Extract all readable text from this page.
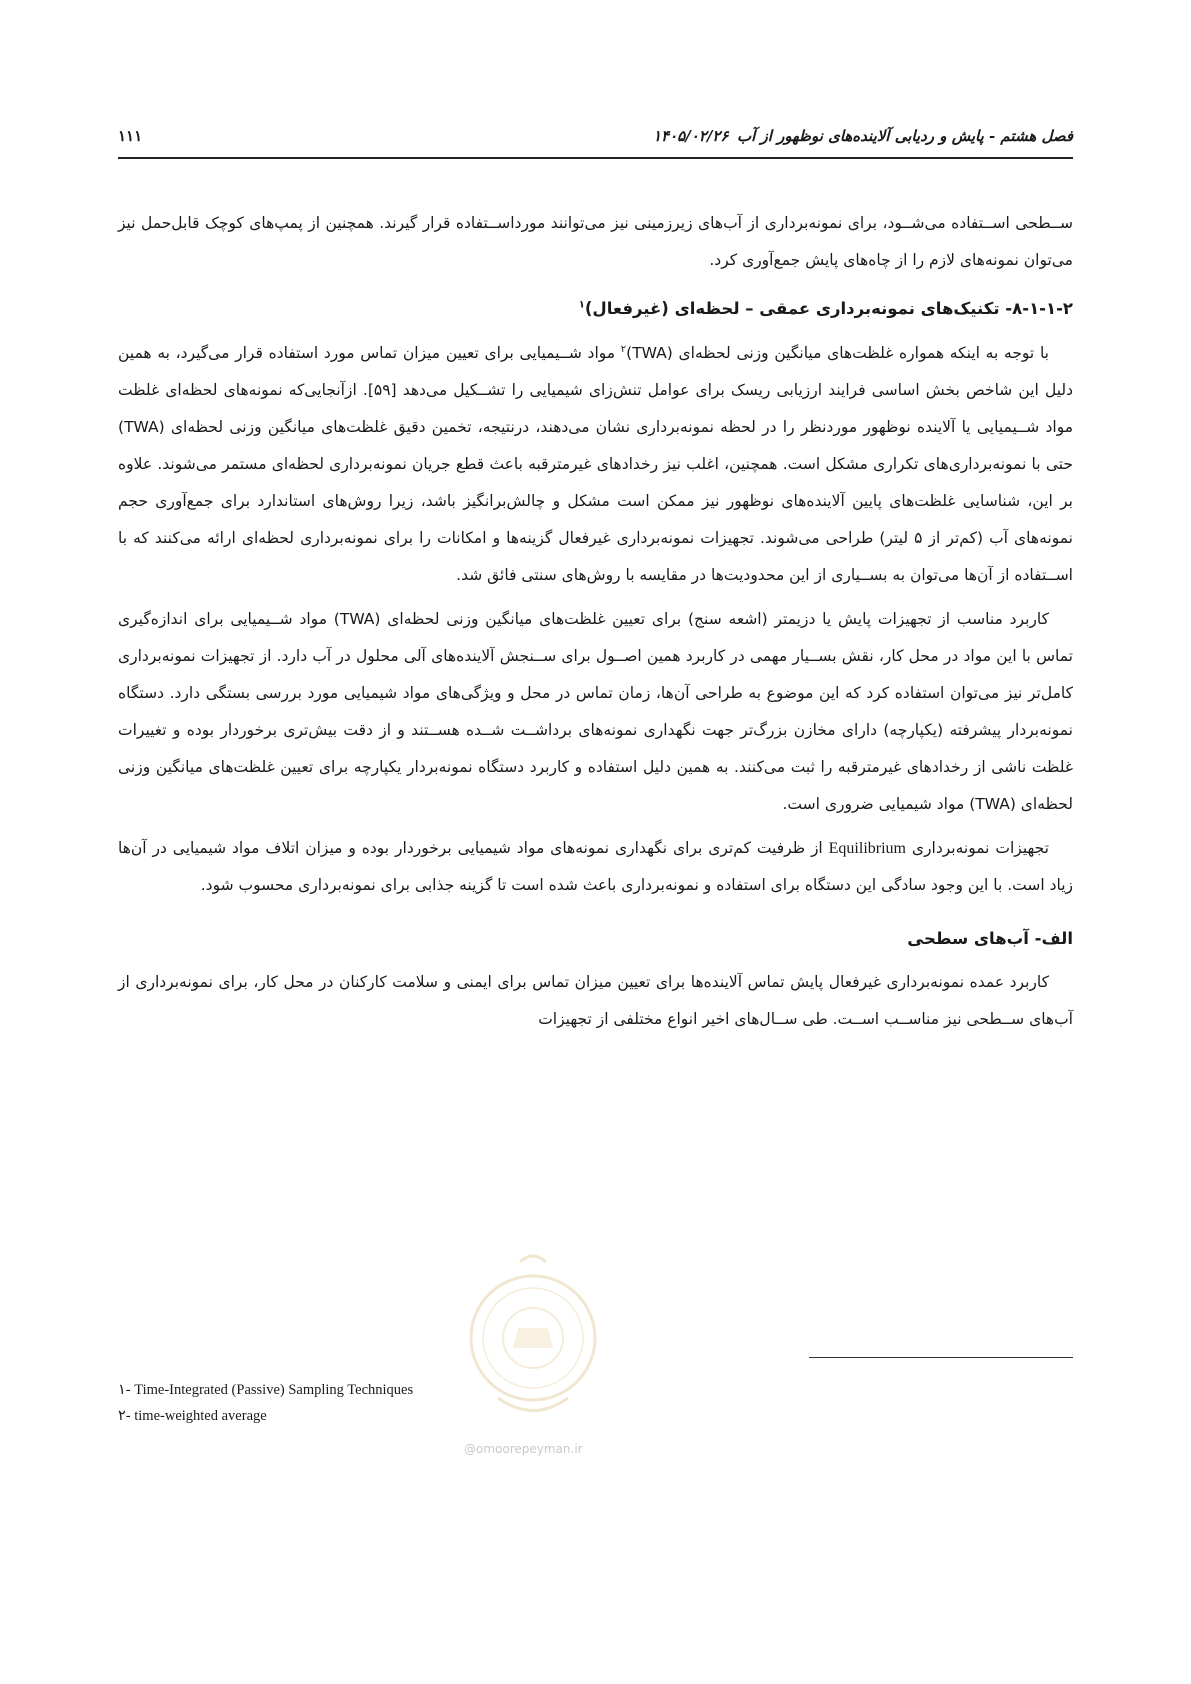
فصل هشتم - پایش و ردیابی آلاینده‌های نوظهور از آب
۱۴۰۵/۰۲/۲۶
۱۱۱

ســطحی اســتفاده می‌شــود، برای نمونه‌برداری از آب‌های زیرزمینی نیز می‌توانند مورداســتفاده قرار گیرند. همچنین از پمپ‌های کوچک قابل‌حمل نیز می‌توان نمونه‌های لازم را از چاه‌های پایش جمع‌آوری کرد.

۸-۱-۱-۲- تکنیک‌های نمونه‌برداری عمقی – لحظه‌ای (غیرفعال)$^۱$

با توجه به اینکه همواره غلظت‌های میانگین وزنی لحظه‌ای (TWA)$^۲$ مواد شــیمیایی برای تعیین میزان تماس مورد استفاده قرار می‌گیرد، به همین دلیل این شاخص بخش اساسی فرایند ارزیابی ریسک برای عوامل تنش‌زای شیمیایی را تشــکیل می‌دهد [۵۹]. ازآنجایی‌که نمونه‌های لحظه‌ای غلظت مواد شــیمیایی یا آلاینده نوظهور موردنظر را در لحظه نمونه‌برداری نشان می‌دهند، درنتیجه، تخمین دقیق غلظت‌های میانگین وزنی لحظه‌ای (TWA) حتی با نمونه‌برداری‌های تکراری مشکل است. همچنین، اغلب نیز رخدادهای غیرمترقبه باعث قطع جریان نمونه‌برداری لحظه‌ای مستمر می‌شوند. علاوه بر این، شناسایی غلظت‌های پایین آلاینده‌های نوظهور نیز ممکن است مشکل و چالش‌برانگیز باشد، زیرا روش‌های استاندارد برای جمع‌آوری حجم نمونه‌های آب (کم‌تر از ۵ لیتر) طراحی می‌شوند. تجهیزات نمونه‌برداری غیرفعال گزینه‌ها و امکانات را برای نمونه‌برداری لحظه‌ای ارائه می‌کنند که با اســتفاده از آن‌ها می‌توان به بســیاری از این محدودیت‌ها در مقایسه با روش‌های سنتی فائق شد.

کاربرد مناسب از تجهیزات پایش یا دزیمتر (اشعه سنج) برای تعیین غلظت‌های میانگین وزنی لحظه‌ای (TWA) مواد شــیمیایی برای اندازه‌گیری تماس با این مواد در محل کار، نقش بســیار مهمی در کاربرد همین اصــول برای ســنجش آلاینده‌های آلی محلول در آب دارد. از تجهیزات نمونه‌برداری کامل‌تر نیز می‌توان استفاده کرد که این موضوع به طراحی آن‌ها، زمان تماس در محل و ویژگی‌های مواد شیمیایی مورد بررسی بستگی دارد. دستگاه نمونه‌بردار پیشرفته (یکپارچه) دارای مخازن بزرگ‌تر جهت نگهداری نمونه‌های برداشــت شــده هســتند و از دقت بیش‌تری برخوردار بوده و تغییرات غلظت ناشی از رخدادهای غیرمترقبه را ثبت می‌کنند. به همین دلیل استفاده و کاربرد دستگاه نمونه‌بردار یکپارچه برای تعیین غلظت‌های میانگین وزنی لحظه‌ای (TWA) مواد شیمیایی ضروری است.

تجهیزات نمونه‌برداری Equilibrium از ظرفیت کم‌تری برای نگهداری نمونه‌های مواد شیمیایی برخوردار بوده و میزان اتلاف مواد شیمیایی در آن‌ها زیاد است. با این وجود سادگی این دستگاه برای استفاده و نمونه‌برداری باعث شده است تا گزینه جذابی برای نمونه‌برداری محسوب شود.

الف- آب‌های سطحی

کاربرد عمده نمونه‌برداری غیرفعال پایش تماس آلاینده‌ها برای تعیین میزان تماس برای ایمنی و سلامت کارکنان در محل کار، برای نمونه‌برداری از آب‌های ســطحی نیز مناســب اســت. طی ســال‌های اخیر انواع مختلفی از تجهیزات

۱- Time-Integrated (Passive) Sampling Techniques
۲- time-weighted average
@omoorepeyman.ir
